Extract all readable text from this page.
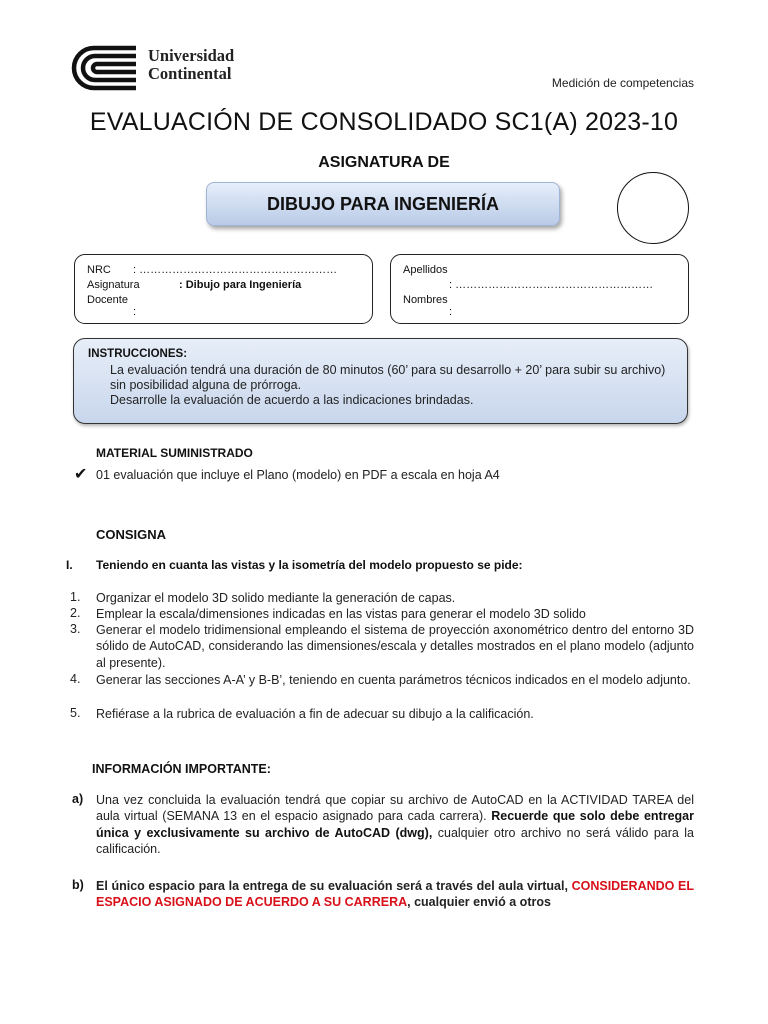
Universidad
Continental	Medición de competencias
EVALUACIÓN DE CONSOLIDADO SC1(A) 2023-10
ASIGNATURA DE
DIBUJO PARA INGENIERÍA
NRC : ………………………………………………
Asignatura	: Dibujo para Ingeniería
Docente
:
Apellidos
: ………………………………………………
Nombres
:
INSTRUCCIONES:
La evaluación tendrá una duración de 80 minutos (60’ para su desarrollo + 20’ para subir su archivo) sin posibilidad alguna de prórroga.
Desarrolle la evaluación de acuerdo a las indicaciones brindadas.
MATERIAL SUMINISTRADO
✔ 01 evaluación que incluye el Plano (modelo) en PDF a escala en hoja A4
CONSIGNA
I. Teniendo en cuanta las vistas y la isometría del modelo propuesto se pide:
1. Organizar el modelo 3D solido mediante la generación de capas.
2. Emplear la escala/dimensiones indicadas en las vistas para generar el modelo 3D solido
3. Generar el modelo tridimensional empleando el sistema de proyección axonométrico dentro del entorno 3D sólido de AutoCAD, considerando las dimensiones/escala y detalles mostrados en el plano modelo (adjunto al presente).
4. Generar las secciones A-A’ y B-B’, teniendo en cuenta parámetros técnicos indicados en el modelo adjunto.
5. Refiérase a la rubrica de evaluación a fin de adecuar su dibujo a la calificación.
INFORMACIÓN IMPORTANTE:
a) Una vez concluida la evaluación tendrá que copiar su archivo de AutoCAD en la ACTIVIDAD TAREA del aula virtual (SEMANA 13 en el espacio asignado para cada carrera). Recuerde que solo debe entregar única y exclusivamente su archivo de AutoCAD (dwg), cualquier otro archivo no será válido para la calificación.
b) El único espacio para la entrega de su evaluación será a través del aula virtual, CONSIDERANDO EL ESPACIO ASIGNADO DE ACUERDO A SU CARRERA, cualquier envió a otros
